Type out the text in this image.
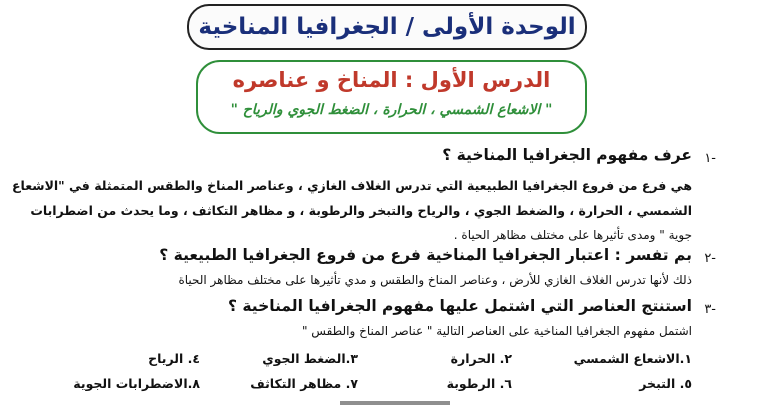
الوحدة الأولى / الجغرافيا المناخية
الدرس الأول : المناخ و عناصره
" الاشعاع الشمسي ، الحرارة ، الضغط الجوي والرياح "
-١
عرف مفهوم الجغرافيا المناخية ؟
هي فرع من فروع الجغرافيا الطبيعية التي تدرس الغلاف الغازي ، وعناصر المناخ والطقس المتمثلة في "الاشعاع
الشمسي ، الحرارة ، والضغط الجوي ، والرياح والتبخر والرطوبة ، و مظاهر التكاثف ، وما يحدث من اضطرابات
جوية " ومدى تأثيرها على مختلف مظاهر الحياة .
-٢
بم تفسر : اعتبار الجغرافيا المناخية فرع من فروع الجغرافيا الطبيعية ؟
ذلك لأنها تدرس الغلاف الغازي للأرض ، وعناصر المناخ والطقس و مدي تأثيرها على مختلف مظاهر الحياة
-٣
استنتج العناصر التي اشتمل عليها مفهوم الجغرافيا المناخية ؟
اشتمل مفهوم الجغرافيا المناخية على العناصر التالية " عناصر المناخ والطقس "
١.الاشعاع الشمسي
٢. الحرارة
٣.الضغط الجوي
٤. الرياح
٥. التبخر
٦. الرطوبة
٧. مظاهر التكاثف
٨.الاضطرابات الجوية
